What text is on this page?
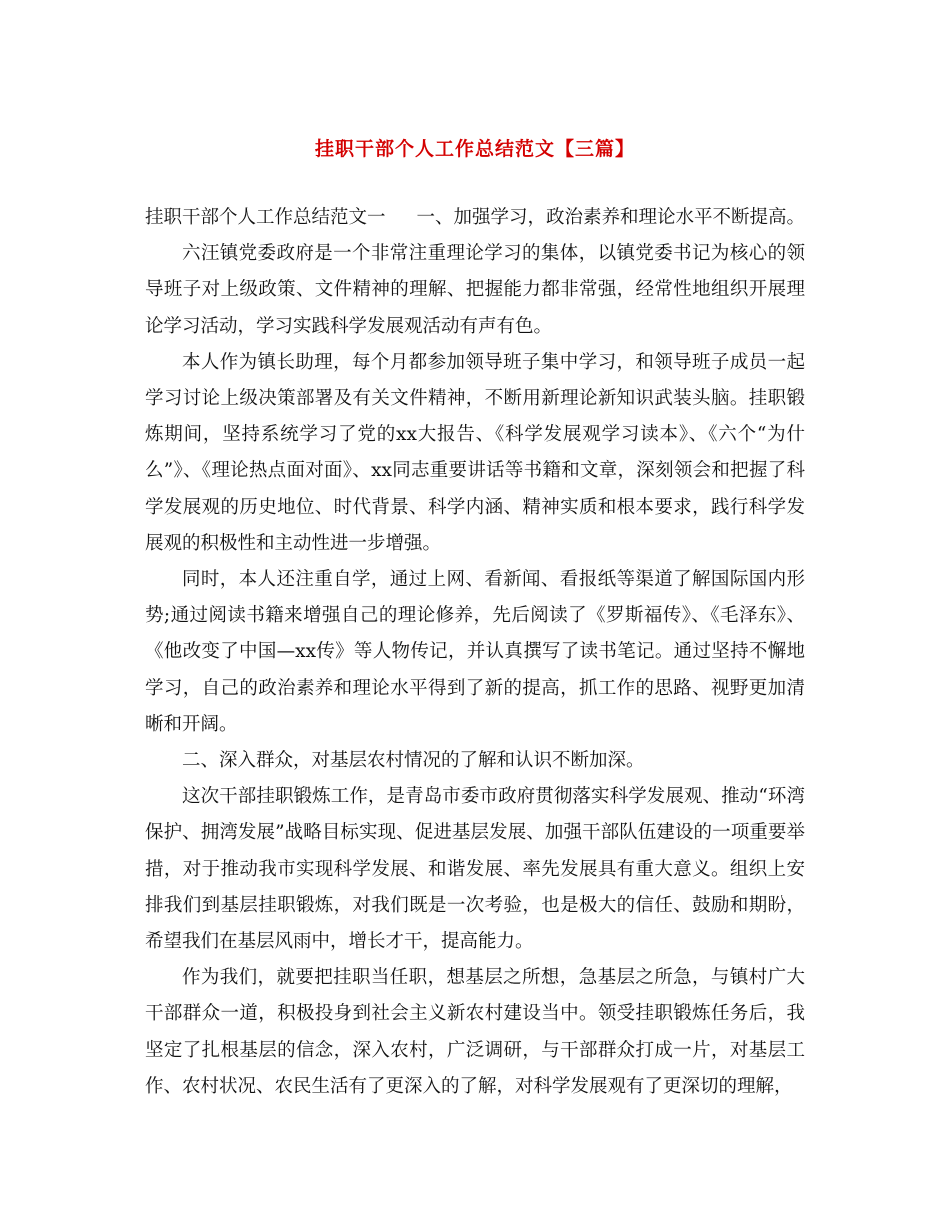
挂职干部个人工作总结范文【三篇】

挂职干部个人工作总结范文一 一、加强学习，政治素养和理论水平不断提高。

六汪镇党委政府是一个非常注重理论学习的集体，以镇党委书记为核心的领导班子对上级政策、文件精神的理解、把握能力都非常强，经常性地组织开展理论学习活动，学习实践科学发展观活动有声有色。

本人作为镇长助理，每个月都参加领导班子集中学习，和领导班子成员一起学习讨论上级决策部署及有关文件精神，不断用新理论新知识武装头脑。挂职锻炼期间，坚持系统学习了党的xx大报告、《科学发展观学习读本》、《六个“为什么”》、《理论热点面对面》、xx同志重要讲话等书籍和文章，深刻领会和把握了科学发展观的历史地位、时代背景、科学内涵、精神实质和根本要求，践行科学发展观的积极性和主动性进一步增强。

同时，本人还注重自学，通过上网、看新闻、看报纸等渠道了解国际国内形势;通过阅读书籍来增强自己的理论修养，先后阅读了《罗斯福传》、《毛泽东》、《他改变了中国—xx传》等人物传记，并认真撰写了读书笔记。通过坚持不懈地学习，自己的政治素养和理论水平得到了新的提高，抓工作的思路、视野更加清晰和开阔。

二、深入群众，对基层农村情况的了解和认识不断加深。

这次干部挂职锻炼工作，是青岛市委市政府贯彻落实科学发展观、推动“环湾保护、拥湾发展”战略目标实现、促进基层发展、加强干部队伍建设的一项重要举措，对于推动我市实现科学发展、和谐发展、率先发展具有重大意义。组织上安排我们到基层挂职锻炼，对我们既是一次考验，也是极大的信任、鼓励和期盼，希望我们在基层风雨中，增长才干，提高能力。

作为我们，就要把挂职当任职，想基层之所想，急基层之所急，与镇村广大干部群众一道，积极投身到社会主义新农村建设当中。领受挂职锻炼任务后，我坚定了扎根基层的信念，深入农村，广泛调研，与干部群众打成一片，对基层工作、农村状况、农民生活有了更深入的了解，对科学发展观有了更深切的理解，
